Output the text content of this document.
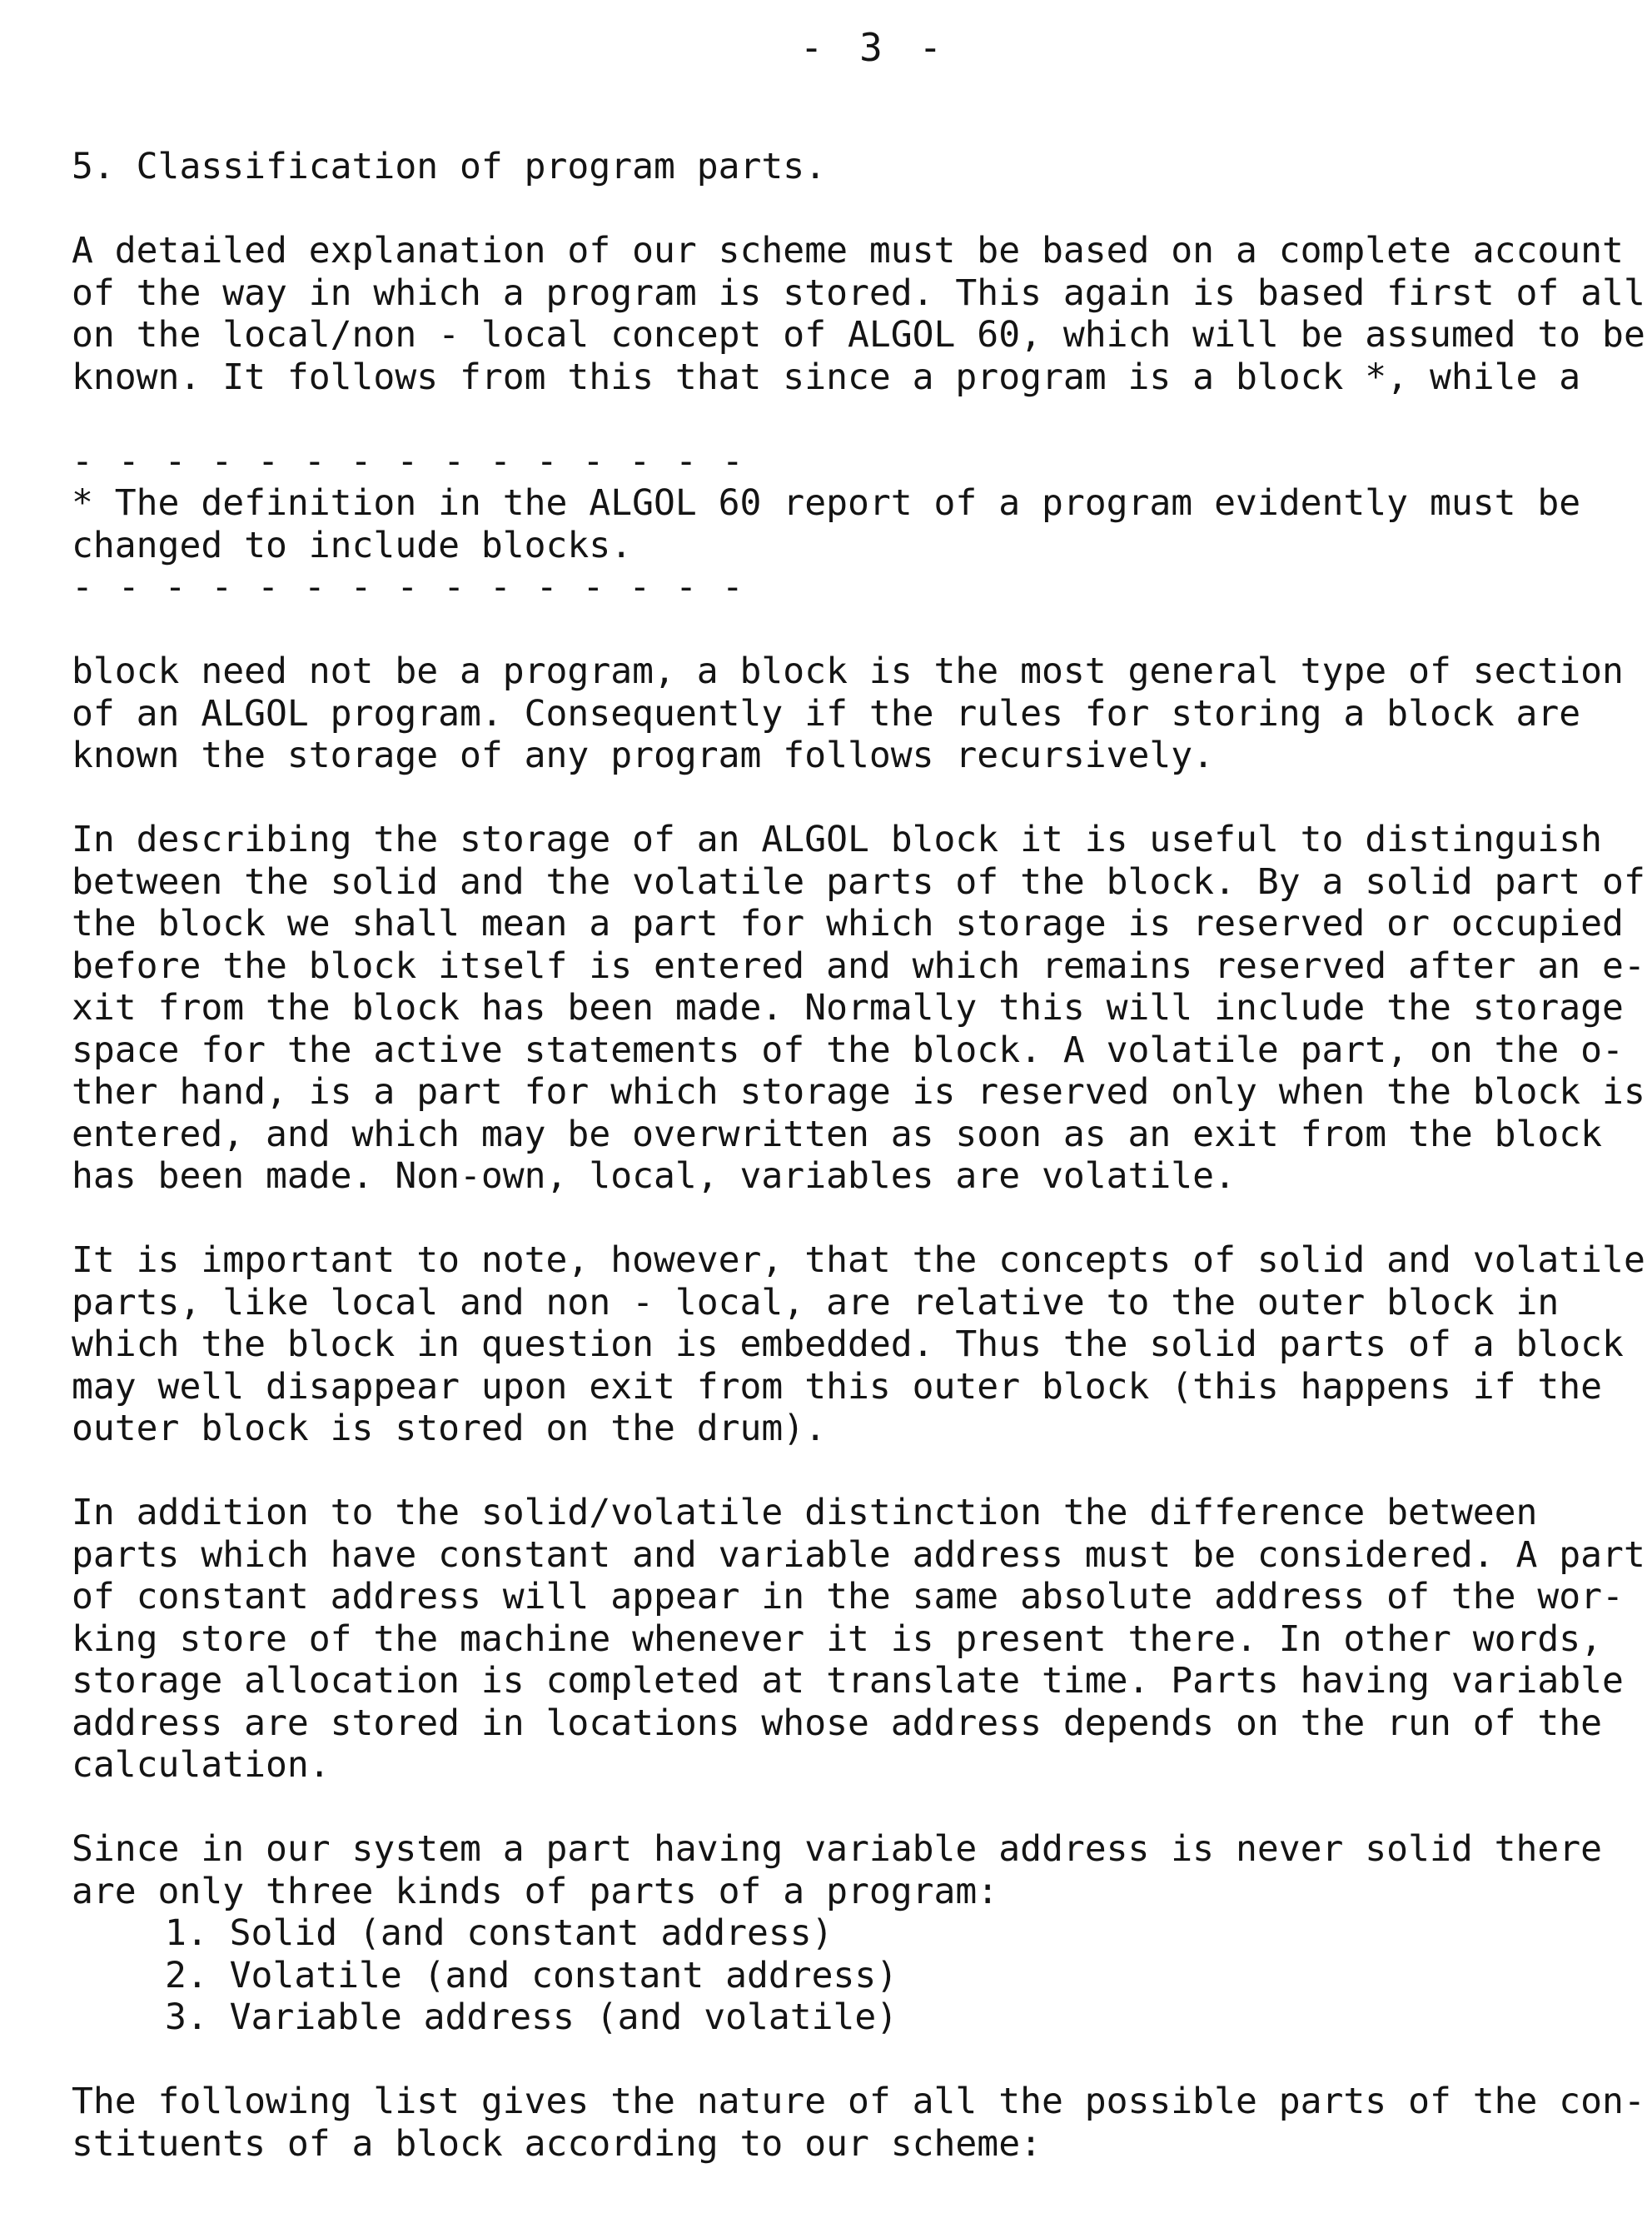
- 3 -
5. Classification of program parts.
A detailed explanation of our scheme must be based on a complete account
of the way in which a program is stored. This again is based first of all
on the local/non - local concept of ALGOL 60, which will be assumed to be
known. It follows from this that since a program is a block *, while a
- - - - - - - - - - - - - - -
* The definition in the ALGOL 60 report of a program evidently must be
changed to include blocks.
- - - - - - - - - - - - - - -
block need not be a program, a block is the most general type of section
of an ALGOL program. Consequently if the rules for storing a block are
known the storage of any program follows recursively.
In describing the storage of an ALGOL block it is useful to distinguish
between the solid and the volatile parts of the block. By a solid part of
the block we shall mean a part for which storage is reserved or occupied
before the block itself is entered and which remains reserved after an e-
xit from the block has been made. Normally this will include the storage
space for the active statements of the block. A volatile part, on the o-
ther hand, is a part for which storage is reserved only when the block is
entered, and which may be overwritten as soon as an exit from the block
has been made. Non-own, local, variables are volatile.
It is important to note, however, that the concepts of solid and volatile
parts, like local and non - local, are relative to the outer block in
which the block in question is embedded. Thus the solid parts of a block
may well disappear upon exit from this outer block (this happens if the
outer block is stored on the drum).
In addition to the solid/volatile distinction the difference between
parts which have constant and variable address must be considered. A part
of constant address will appear in the same absolute address of the wor-
king store of the machine whenever it is present there. In other words,
storage allocation is completed at translate time. Parts having variable
address are stored in locations whose address depends on the run of the
calculation.
Since in our system a part having variable address is never solid there
are only three kinds of parts of a program:
1. Solid (and constant address)
2. Volatile (and constant address)
3. Variable address (and volatile)
The following list gives the nature of all the possible parts of the con-
stituents of a block according to our scheme:
